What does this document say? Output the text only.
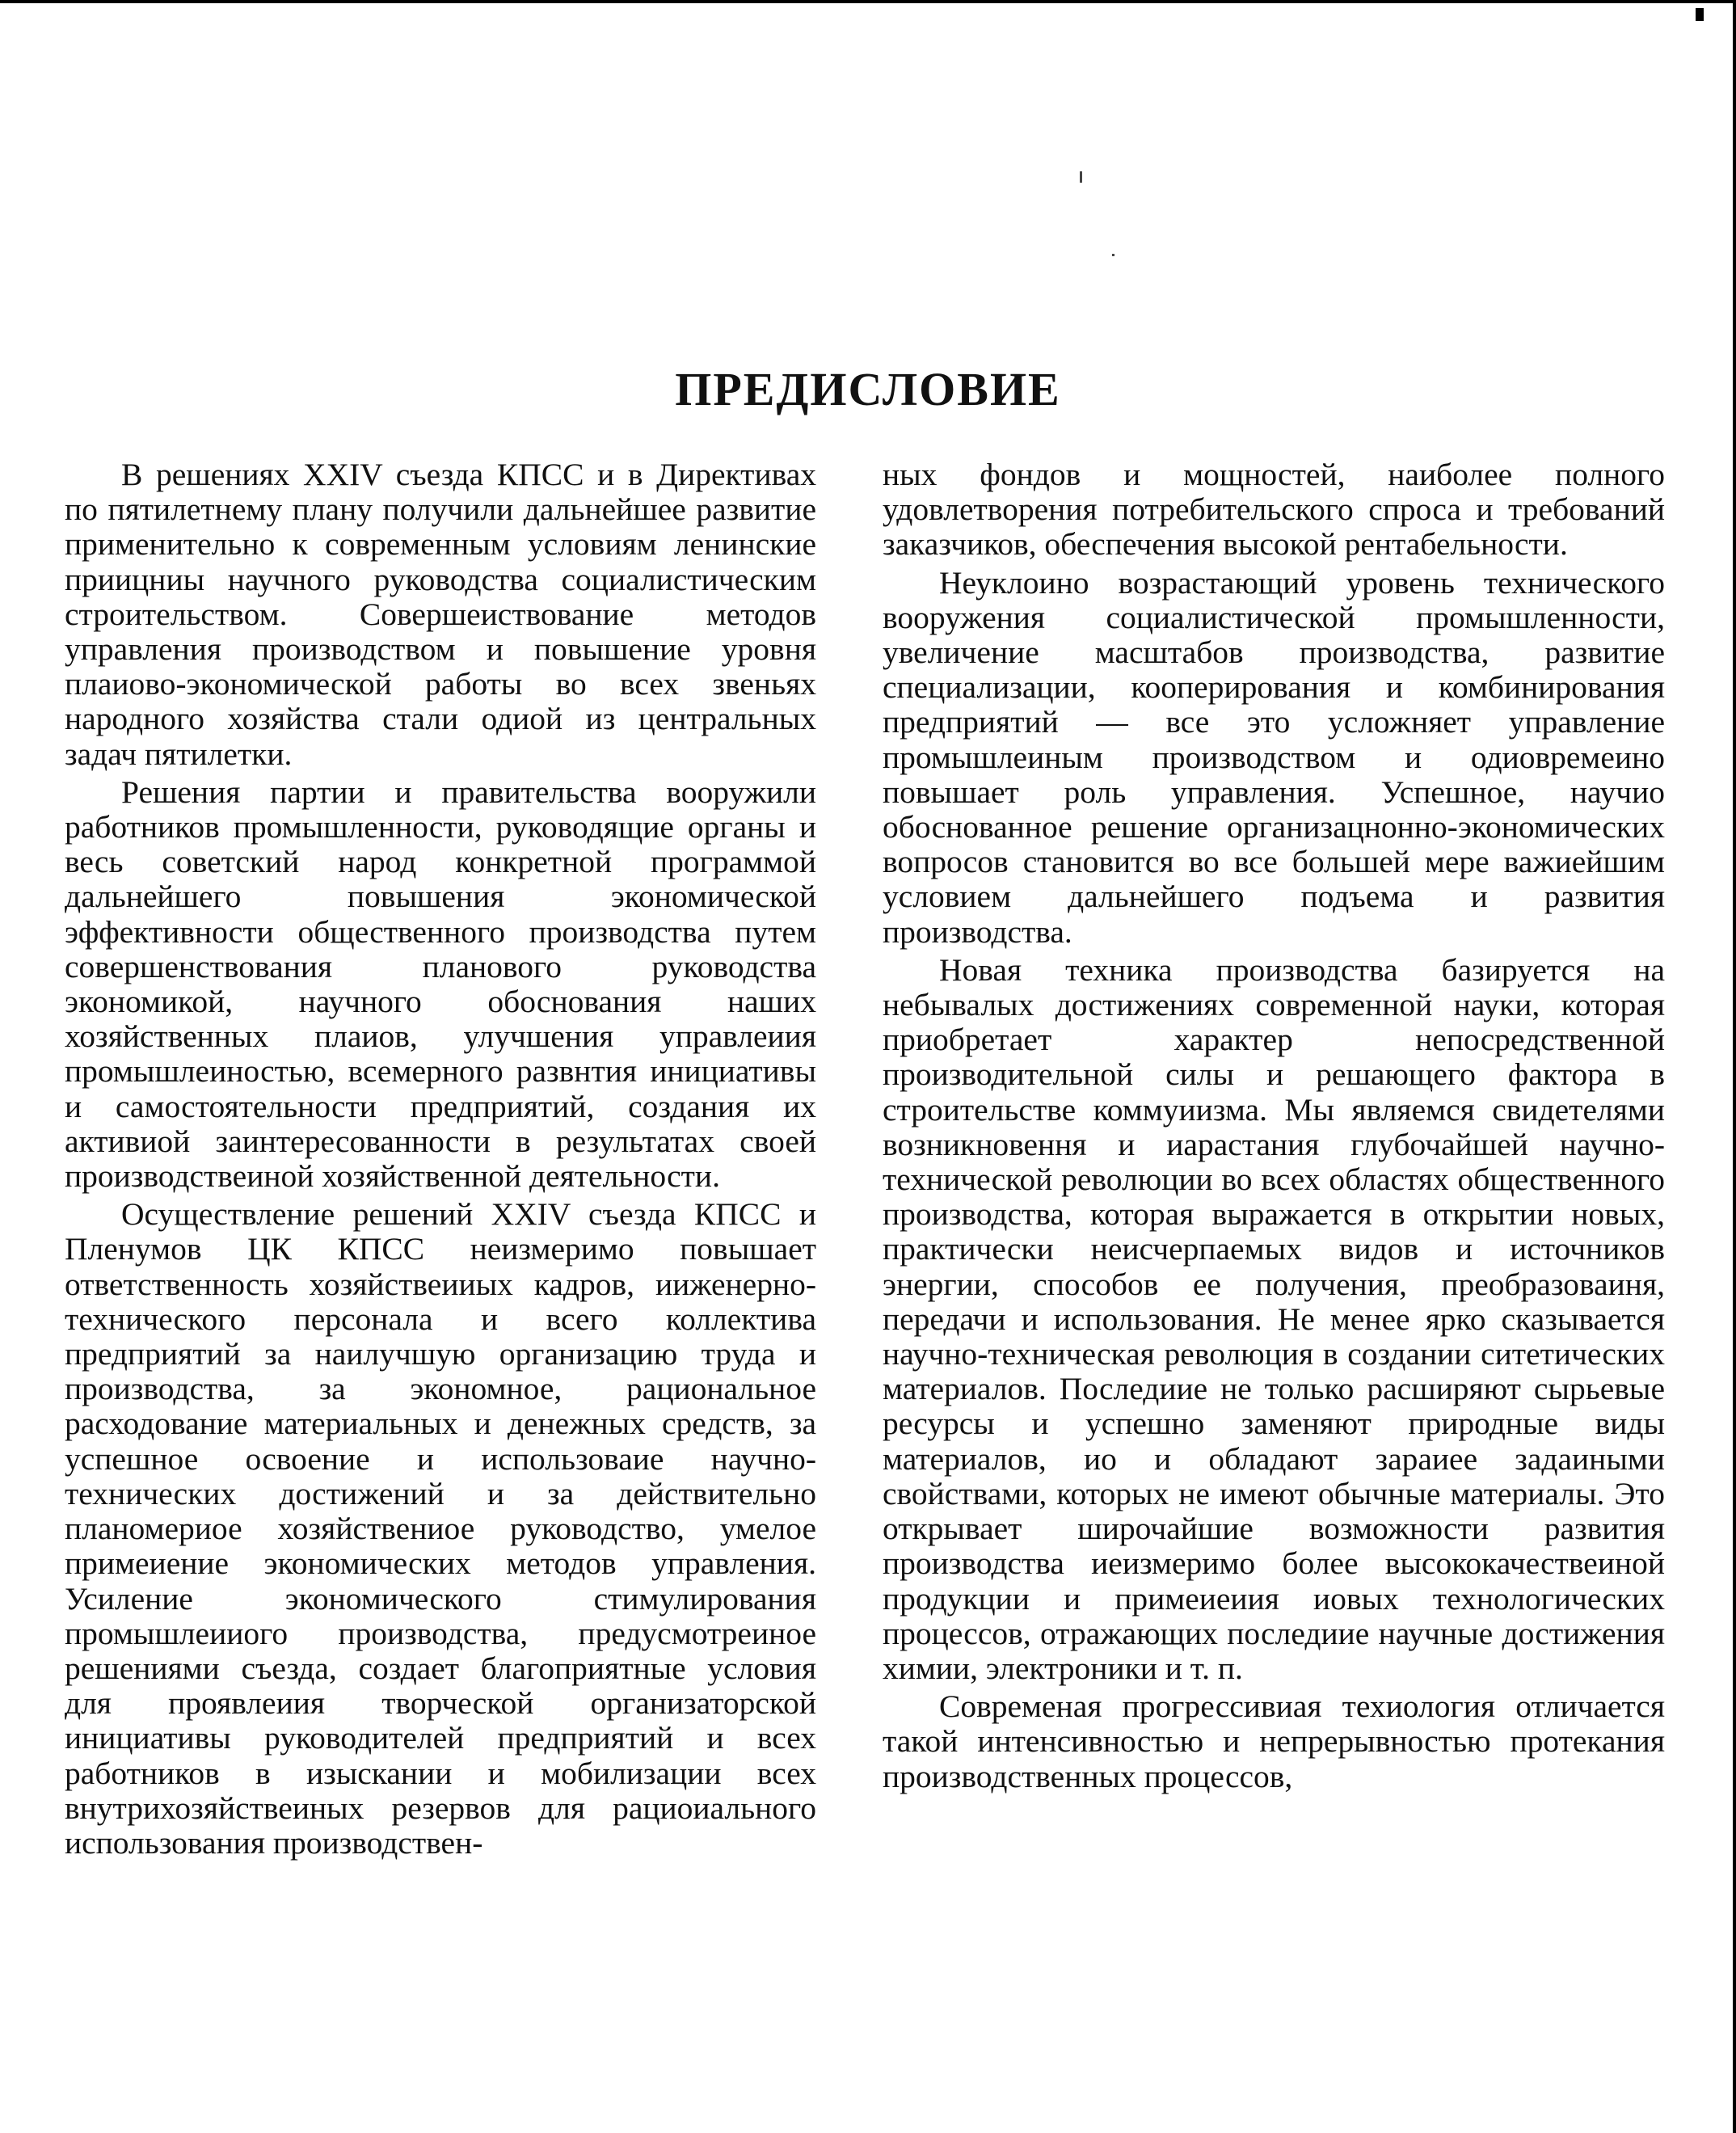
ПРЕДИСЛОВИЕ

В решениях XXIV съезда КПСС и в Директивах по пятилетнему плану получили дальнейшее развитие применительно к современным условиям ленинские приицниы научного руководства социалистическим строительством. Совершеиствование методов управления производством и повышение уровня плаиово-экономической работы во всех звеньях народного хозяйства стали одиой из центральных задач пятилетки.

Решения партии и правительства вооружили работников промышленности, руководящие органы и весь советский народ конкретной программой дальнейшего повышения экономической эффективности общественного производства путем совершенствования планового руководства экономикой, научного обоснования наших хозяйственных плаиов, улучшения управлеиия промышлеиностью, всемерного развнтия инициативы и самостоятельности предприятий, создания их активиой заинтересованности в результатах своей производствеиной хозяйственной деятельности.

Осуществление решений XXIV съезда КПСС и Пленумов ЦК КПСС неизмеримо повышает ответственность хозяйствеииых кадров, ииженерно-технического персонала и всего коллектива предприятий за наилучшую организацию труда и производства, за экономное, рациональное расходование материальных и денежных средств, за успешное освоение и использоваие научно-технических достижений и за действительно планомериое хозяйствениое руководство, умелое примеиение экономических методов управления. Усиление экономического стимулирования промышлеииого производства, предусмотреиное решениями съезда, создает благоприятные условия для проявлеиия творческой организаторской инициативы руководителей предприятий и всех работников в изыскании и мобилизации всех внутрихозяйствеиных резервов для рациоиального использования производствен-

ных фондов и мощностей, наиболее полного удовлетворения потребительского спроса и требований заказчиков, обеспечения высокой рентабельности.

Неуклоино возрастающий уровень технического вооружения социалистической промышленности, увеличение масштабов производства, развитие специализации, кооперирования и комбинирования предприятий — все это усложняет управление промышлеиным производством и одиовремеино повышает роль управления. Успешное, научио обоснованное решение организацнонно-экономических вопросов становится во все большей мере важиейшим условием дальнейшего подъема и развития производства.

Новая техника производства базируется на небывалых достижениях современной науки, которая приобретает характер непосредственной производительной силы и решающего фактора в строительстве коммуиизма. Мы являемся свидетелями возникновення и иарастания глубочайшей научно-технической революции во всех областях общественного производства, которая выражается в открытии новых, практически неисчерпаемых видов и источников энергии, способов ее получения, преобразоваиня, передачи и использования. Не менее ярко сказывается научно-техническая революция в создании ситетических материалов. Последиие не только расширяют сырьевые ресурсы и успешно заменяют природные виды материалов, ио и обладают зараиее задаиными свойствами, которых не имеют обычные материалы. Это открывает широчайшие возможности развития производства иеизмеримо более высококачествеиной продукции и примеиеиия иовых технологических процессов, отражающих последиие научные достижения химии, электроники и т. п.

Современая прогрессивиая техиология отличается такой интенсивностью и непрерывностью протекания производственных процессов,
